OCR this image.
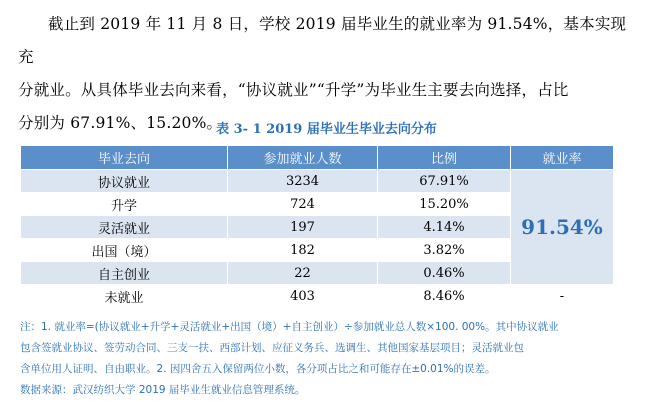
截止到 2019 年 11 月 8 日，学校 2019 届毕业生的就业率为 91.54%，基本实现充
分就业。从具体毕业去向来看，“协议就业”“升学”为毕业生主要去向选择，占比
分别为 67.91%、15.20%。
表 3- 1 2019 届毕业生毕业去向分布
毕业去向	参加就业人数	比例	就业率
协议就业	3234	67.91%	91.54%
升学	724	15.20%	
灵活就业	197	4.14%	
出国（境）	182	3.82%	
自主创业	22	0.46%	
未就业	403	8.46%	-
注：1. 就业率=(协议就业+升学+灵活就业+出国（境）+自主创业）÷参加就业总人数×100. 00%。其中协议就业
包含签就业协议、签劳动合同、三支一扶、西部计划、应征义务兵、选调生、其他国家基层项目；灵活就业包
含单位用人证明、自由职业。2. 因四舍五入保留两位小数，各分项占比之和可能存在±0.01%的误差。
数据来源：武汉纺织大学 2019 届毕业生就业信息管理系统。
